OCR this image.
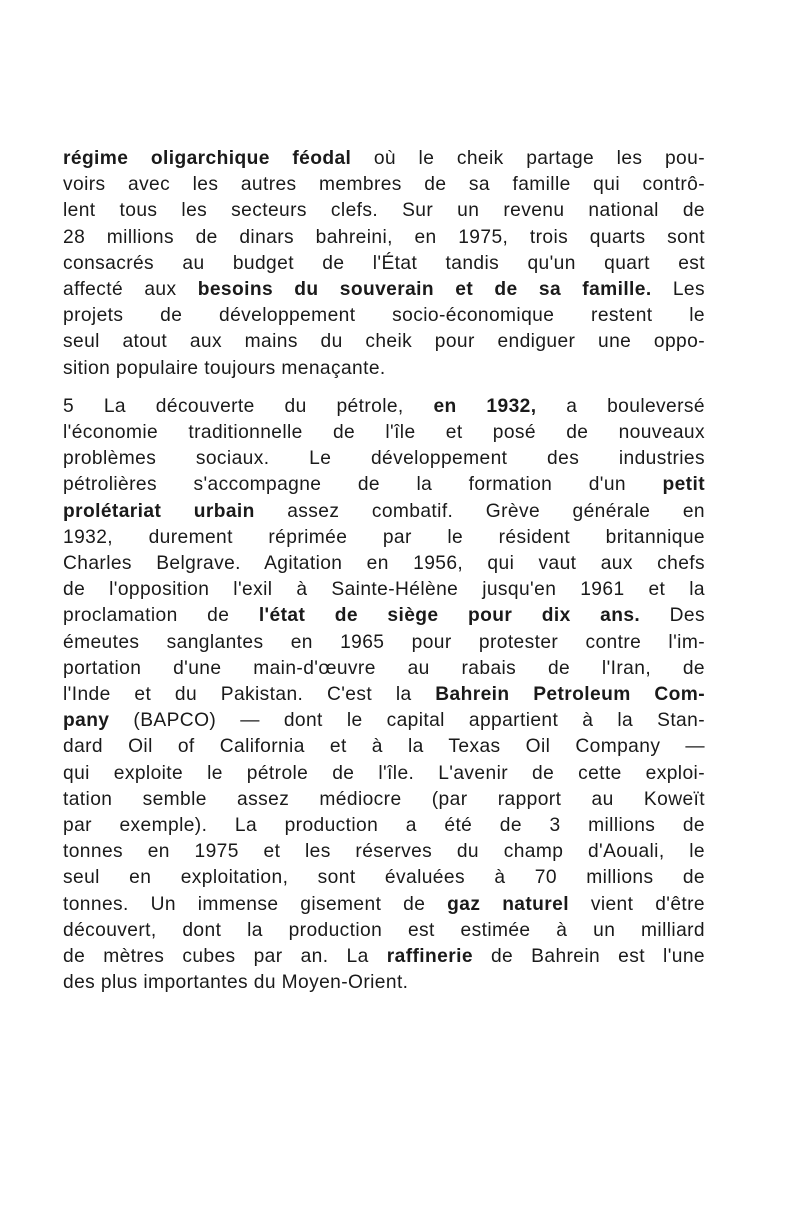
régime oligarchique féodal où le cheik partage les pou-
voirs avec les autres membres de sa famille qui contrô-
lent tous les secteurs clefs. Sur un revenu national de
28 millions de dinars bahreini, en 1975, trois quarts sont
consacrés au budget de l'État tandis qu'un quart est
affecté aux besoins du souverain et de sa famille. Les
projets de développement socio-économique restent le
seul atout aux mains du cheik pour endiguer une oppo-
sition populaire toujours menaçante.

5 La découverte du pétrole, en 1932, a bouleversé
l'économie traditionnelle de l'île et posé de nouveaux
problèmes sociaux. Le développement des industries
pétrolières s'accompagne de la formation d'un petit
prolétariat urbain assez combatif. Grève générale en
1932, durement réprimée par le résident britannique
Charles Belgrave. Agitation en 1956, qui vaut aux chefs
de l'opposition l'exil à Sainte-Hélène jusqu'en 1961 et la
proclamation de l'état de siège pour dix ans. Des
émeutes sanglantes en 1965 pour protester contre l'im-
portation d'une main-d'œuvre au rabais de l'Iran, de
l'Inde et du Pakistan. C'est la Bahrein Petroleum Com-
pany (BAPCO) — dont le capital appartient à la Stan-
dard Oil of California et à la Texas Oil Company —
qui exploite le pétrole de l'île. L'avenir de cette exploi-
tation semble assez médiocre (par rapport au Koweït
par exemple). La production a été de 3 millions de
tonnes en 1975 et les réserves du champ d'Aouali, le
seul en exploitation, sont évaluées à 70 millions de
tonnes. Un immense gisement de gaz naturel vient d'être
découvert, dont la production est estimée à un milliard
de mètres cubes par an. La raffinerie de Bahrein est l'une
des plus importantes du Moyen-Orient.
